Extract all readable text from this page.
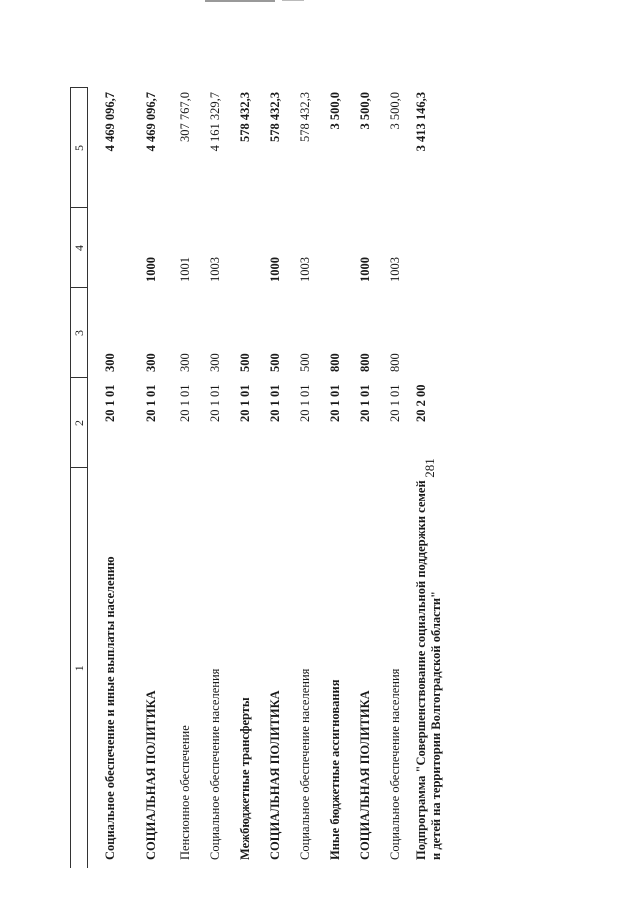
281
1	2	3	4	5
Социальное обеспечение и иные выплаты населению	20 1 01	300		4 469 096,7
СОЦИАЛЬНАЯ ПОЛИТИКА	20 1 01	300	1000	4 469 096,7
Пенсионное обеспечение	20 1 01	300	1001	307 767,0
Социальное обеспечение населения	20 1 01	300	1003	4 161 329,7
Межбюджетные трансферты	20 1 01	500		578 432,3
СОЦИАЛЬНАЯ ПОЛИТИКА	20 1 01	500	1000	578 432,3
Социальное обеспечение населения	20 1 01	500	1003	578 432,3
Иные бюджетные ассигнования	20 1 01	800		3 500,0
СОЦИАЛЬНАЯ ПОЛИТИКА	20 1 01	800	1000	3 500,0
Социальное обеспечение населения	20 1 01	800	1003	3 500,0
Подпрограмма "Совершенствование социальной поддержки семей и детей на территории Волгоградской области"	20 2 00			3 413 146,3
